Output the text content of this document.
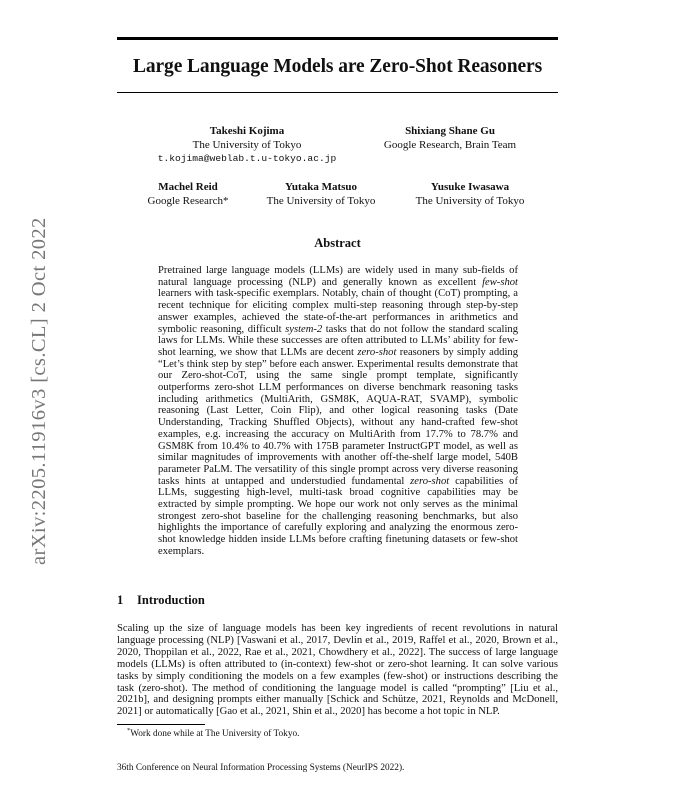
arXiv:2205.11916v3 [cs.CL] 2 Oct 2022
Large Language Models are Zero-Shot Reasoners
Takeshi Kojima
The University of Tokyo
t.kojima@weblab.t.u-tokyo.ac.jp
Shixiang Shane Gu
Google Research, Brain Team
Machel Reid
Google Research*
Yutaka Matsuo
The University of Tokyo
Yusuke Iwasawa
The University of Tokyo
Abstract
Pretrained large language models (LLMs) are widely used in many sub-fields of natural language processing (NLP) and generally known as excellent few-shot learners with task-specific exemplars. Notably, chain of thought (CoT) prompting, a recent technique for eliciting complex multi-step reasoning through step-by-step answer examples, achieved the state-of-the-art performances in arithmetics and symbolic reasoning, difficult system-2 tasks that do not follow the standard scaling laws for LLMs. While these successes are often attributed to LLMs’ ability for few-shot learning, we show that LLMs are decent zero-shot reasoners by simply adding “Let’s think step by step” before each answer. Experimental results demonstrate that our Zero-shot-CoT, using the same single prompt template, significantly outperforms zero-shot LLM performances on diverse benchmark reasoning tasks including arithmetics (MultiArith, GSM8K, AQUA-RAT, SVAMP), symbolic reasoning (Last Letter, Coin Flip), and other logical reasoning tasks (Date Understanding, Tracking Shuffled Objects), without any hand-crafted few-shot examples, e.g. increasing the accuracy on MultiArith from 17.7% to 78.7% and GSM8K from 10.4% to 40.7% with 175B parameter InstructGPT model, as well as similar magnitudes of improvements with another off-the-shelf large model, 540B parameter PaLM. The versatility of this single prompt across very diverse reasoning tasks hints at untapped and understudied fundamental zero-shot capabilities of LLMs, suggesting high-level, multi-task broad cognitive capabilities may be extracted by simple prompting. We hope our work not only serves as the minimal strongest zero-shot baseline for the challenging reasoning benchmarks, but also highlights the importance of carefully exploring and analyzing the enormous zero-shot knowledge hidden inside LLMs before crafting finetuning datasets or few-shot exemplars.
1 Introduction
Scaling up the size of language models has been key ingredients of recent revolutions in natural language processing (NLP) [Vaswani et al., 2017, Devlin et al., 2019, Raffel et al., 2020, Brown et al., 2020, Thoppilan et al., 2022, Rae et al., 2021, Chowdhery et al., 2022]. The success of large language models (LLMs) is often attributed to (in-context) few-shot or zero-shot learning. It can solve various tasks by simply conditioning the models on a few examples (few-shot) or instructions describing the task (zero-shot). The method of conditioning the language model is called “prompting” [Liu et al., 2021b], and designing prompts either manually [Schick and Schütze, 2021, Reynolds and McDonell, 2021] or automatically [Gao et al., 2021, Shin et al., 2020] has become a hot topic in NLP.
*Work done while at The University of Tokyo.
36th Conference on Neural Information Processing Systems (NeurIPS 2022).
